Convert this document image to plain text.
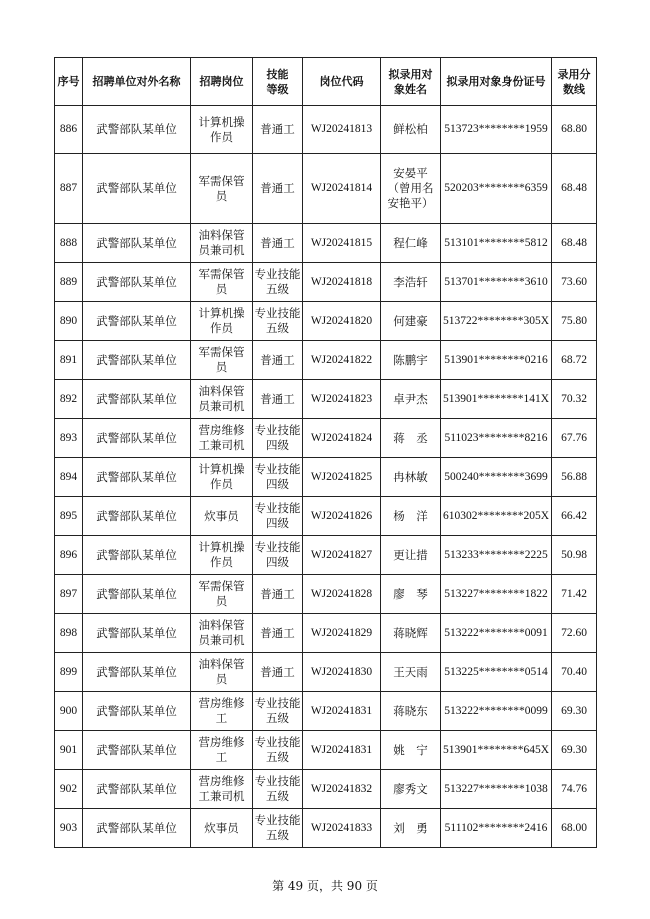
序号	招聘单位对外名称	招聘岗位	技能等级	岗位代码	拟录用对象姓名	拟录用对象身份证号	录用分数线
886	武警部队某单位	计算机操作员	普通工	WJ20241813	鲜松柏	513723********1959	68.80
887	武警部队某单位	军需保管员	普通工	WJ20241814	安晏平（曾用名安艳平）	520203********6359	68.48
888	武警部队某单位	油料保管员兼司机	普通工	WJ20241815	程仁峰	513101********5812	68.48
889	武警部队某单位	军需保管员	专业技能五级	WJ20241818	李浩轩	513701********3610	73.60
890	武警部队某单位	计算机操作员	专业技能五级	WJ20241820	何建豪	513722********305X	75.80
891	武警部队某单位	军需保管员	普通工	WJ20241822	陈鹏宇	513901********0216	68.72
892	武警部队某单位	油料保管员兼司机	普通工	WJ20241823	卓尹杰	513901********141X	70.32
893	武警部队某单位	营房维修工兼司机	专业技能四级	WJ20241824	蒋　丞	511023********8216	67.76
894	武警部队某单位	计算机操作员	专业技能四级	WJ20241825	冉林敏	500240********3699	56.88
895	武警部队某单位	炊事员	专业技能四级	WJ20241826	杨　洋	610302********205X	66.42
896	武警部队某单位	计算机操作员	专业技能四级	WJ20241827	更让措	513233********2225	50.98
897	武警部队某单位	军需保管员	普通工	WJ20241828	廖　琴	513227********1822	71.42
898	武警部队某单位	油料保管员兼司机	普通工	WJ20241829	蒋晓辉	513222********0091	72.60
899	武警部队某单位	油料保管员	普通工	WJ20241830	王天雨	513225********0514	70.40
900	武警部队某单位	营房维修工	专业技能五级	WJ20241831	蒋晓东	513222********0099	69.30
901	武警部队某单位	营房维修工	专业技能五级	WJ20241831	姚　宁	513901********645X	69.30
902	武警部队某单位	营房维修工兼司机	专业技能五级	WJ20241832	廖秀文	513227********1038	74.76
903	武警部队某单位	炊事员	专业技能五级	WJ20241833	刘　勇	511102********2416	68.00
第 49 页，共 90 页
